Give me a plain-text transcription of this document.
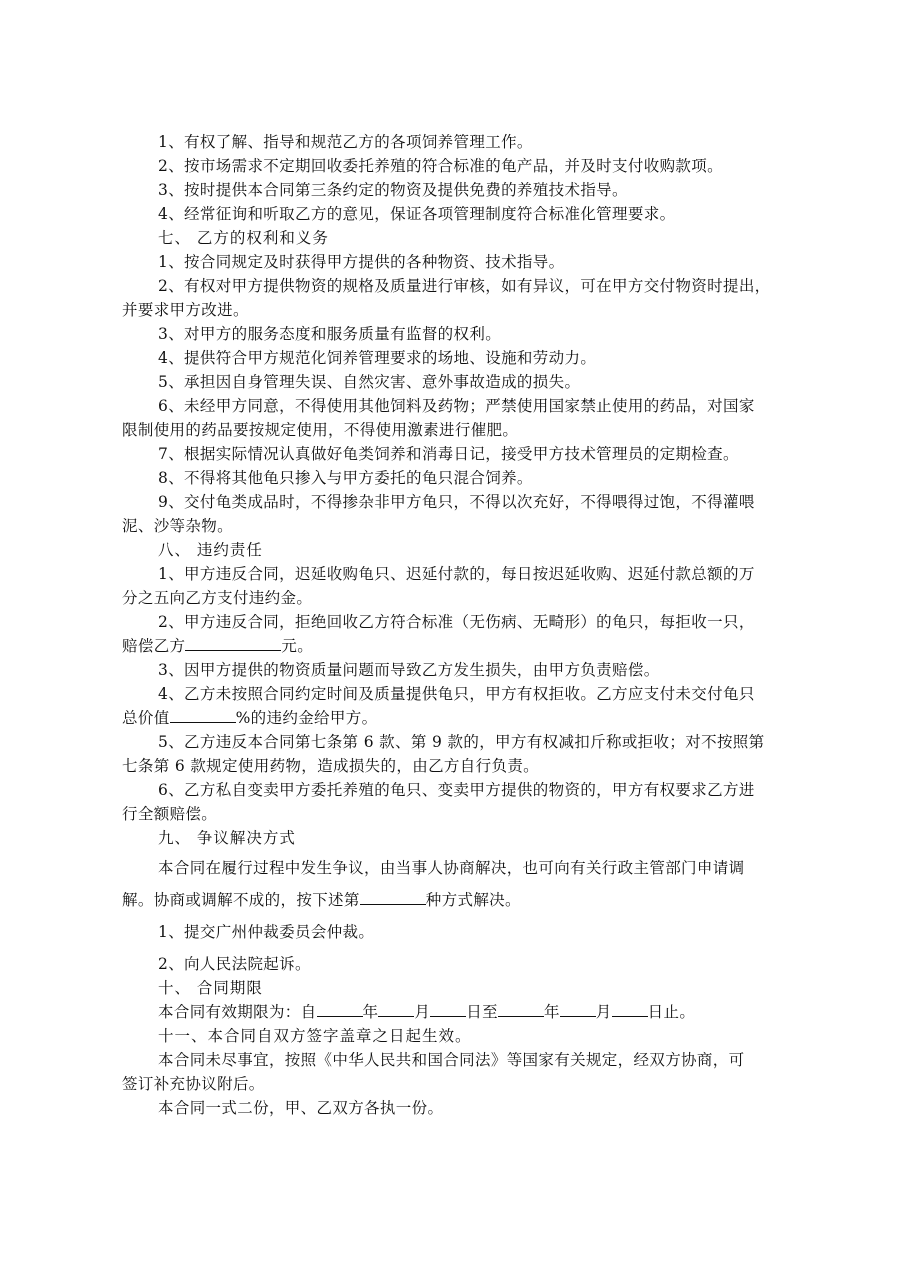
1、有权了解、指导和规范乙方的各项饲养管理工作。
2、按市场需求不定期回收委托养殖的符合标准的龟产品，并及时支付收购款项。
3、按时提供本合同第三条约定的物资及提供免费的养殖技术指导。
4、经常征询和听取乙方的意见，保证各项管理制度符合标准化管理要求。
七、 乙方的权利和义务
1、按合同规定及时获得甲方提供的各种物资、技术指导。
2、有权对甲方提供物资的规格及质量进行审核，如有异议，可在甲方交付物资时提出，
并要求甲方改进。
3、对甲方的服务态度和服务质量有监督的权利。
4、提供符合甲方规范化饲养管理要求的场地、设施和劳动力。
5、承担因自身管理失误、自然灾害、意外事故造成的损失。
6、未经甲方同意，不得使用其他饲料及药物；严禁使用国家禁止使用的药品，对国家
限制使用的药品要按规定使用，不得使用激素进行催肥。
7、根据实际情况认真做好龟类饲养和消毒日记，接受甲方技术管理员的定期检查。
8、不得将其他龟只掺入与甲方委托的龟只混合饲养。
9、交付龟类成品时，不得掺杂非甲方龟只，不得以次充好，不得喂得过饱，不得灌喂
泥、沙等杂物。
八、 违约责任
1、甲方违反合同，迟延收购龟只、迟延付款的，每日按迟延收购、迟延付款总额的万
分之五向乙方支付违约金。
2、甲方违反合同，拒绝回收乙方符合标准（无伤病、无畸形）的龟只，每拒收一只，
赔偿乙方	元。
3、因甲方提供的物资质量问题而导致乙方发生损失，由甲方负责赔偿。
4、乙方未按照合同约定时间及质量提供龟只，甲方有权拒收。乙方应支付未交付龟只
总价值	%的违约金给甲方。
5、乙方违反本合同第七条第 6 款、第 9 款的，甲方有权减扣斤称或拒收；对不按照第
七条第 6 款规定使用药物，造成损失的，由乙方自行负责。
6、乙方私自变卖甲方委托养殖的龟只、变卖甲方提供的物资的，甲方有权要求乙方进
行全额赔偿。
九、 争议解决方式
本合同在履行过程中发生争议，由当事人协商解决，也可向有关行政主管部门申请调
解。协商或调解不成的，按下述第	种方式解决。
1、提交广州仲裁委员会仲裁。
2、向人民法院起诉。
十、 合同期限
本合同有效期限为：自	年 月 日至	年 月 日止。
十一、本合同自双方签字盖章之日起生效。
本合同未尽事宜，按照《中华人民共和国合同法》等国家有关规定，经双方协商，可
签订补充协议附后。
本合同一式二份，甲、乙双方各执一份。
